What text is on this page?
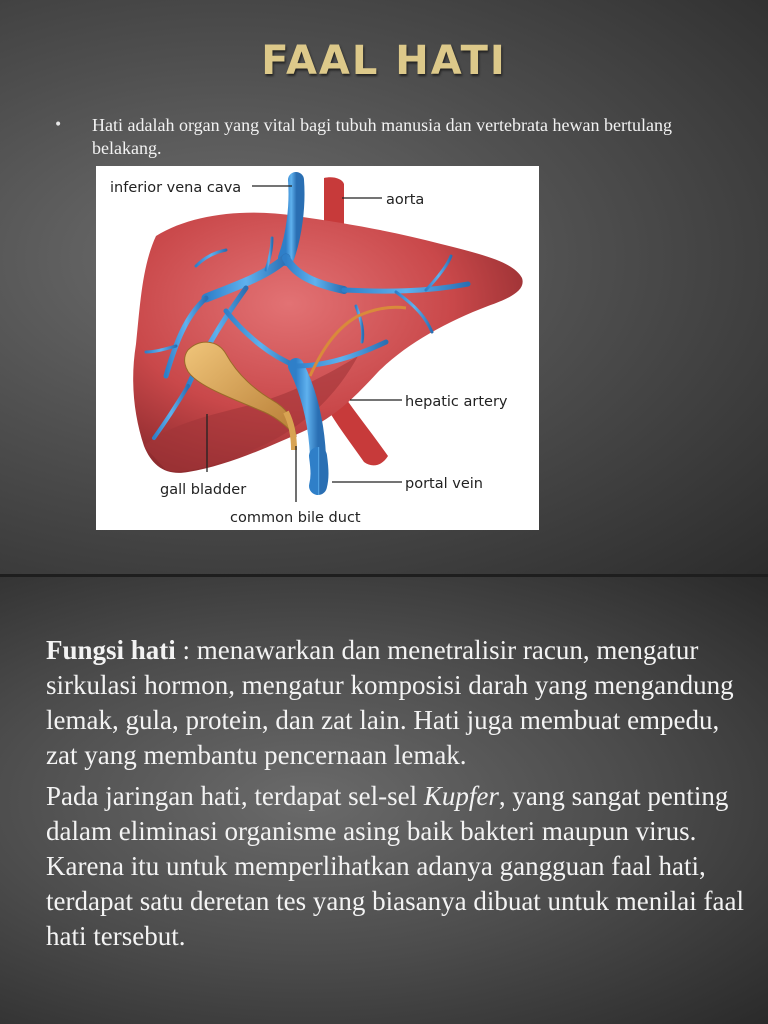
FAAL HATI
• Hati adalah organ yang vital bagi tubuh manusia dan vertebrata hewan bertulang belakang.
inferior vena cava
aorta
hepatic artery
portal vein
gall bladder
common bile duct

Fungsi hati : menawarkan dan menetralisir racun, mengatur sirkulasi hormon, mengatur komposisi darah yang mengandung lemak, gula, protein, dan zat lain. Hati juga membuat empedu, zat yang membantu pencernaan lemak.

Pada jaringan hati, terdapat sel-sel Kupfer, yang sangat penting dalam eliminasi organisme asing baik bakteri maupun virus. Karena itu untuk memperlihatkan adanya gangguan faal hati, terdapat satu deretan tes yang biasanya dibuat untuk menilai faal hati tersebut.
